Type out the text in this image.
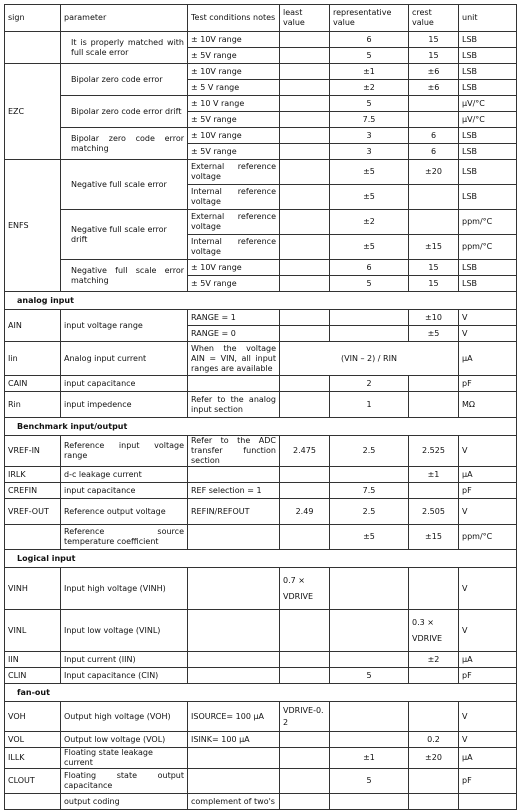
sign	parameter	Test conditions notes	least value	representative value	crest value	unit
	It is properly matched with full scale error	± 10V range		6	15	LSB
		± 5V range		5	15	LSB
EZC	Bipolar zero code error	± 10V range		±1	±6	LSB
		± 5 V range		±2	±6	LSB
	Bipolar zero code error drift	± 10 V range		5		μV/°C
		± 5V range		7.5		μV/°C
	Bipolar zero code error matching	± 10V range		3	6	LSB
		± 5V range		3	6	LSB
ENFS	Negative full scale error	External reference voltage		±5	±20	LSB
		Internal reference voltage		±5		LSB
	Negative full scale error drift	External reference voltage		±2		ppm/°C
		Internal reference voltage		±5	±15	ppm/°C
	Negative full scale error matching	± 10V range		6	15	LSB
		± 5V range		5	15	LSB
analog input						
AIN	input voltage range	RANGE = 1			±10	V
		RANGE = 0			±5	V
Iin	Analog input current	When the voltage AIN = VIN, all input ranges are available	(VIN – 2) / RIN			μA
CAIN	input capacitance			2		pF
Rin	input impedence	Refer to the analog input section		1		MΩ
Benchmark input/output						
VREF-IN	Reference input voltage range	Refer to the ADC transfer function section	2.475	2.5	2.525	V
IRLK	d-c leakage current				±1	μA
CREFIN	input capacitance	REF selection = 1		7.5		pF
VREF-OUT	Reference output voltage	REFIN/REFOUT	2.49	2.5	2.505	V
	Reference source temperature coefficient			±5	±15	ppm/°C
Logical input						
VINH	Input high voltage (VINH)		0.7 × VDRIVE			V
VINL	Input low voltage (VINL)				0.3 × VDRIVE	V
IIN	Input current (IIN)				±2	μA
CLIN	Input capacitance (CIN)			5		pF
fan-out						
VOH	Output high voltage (VOH)	ISOURCE= 100 μA	VDRIVE-0.2			V
VOL	Output low voltage (VOL)	ISINK= 100 μA			0.2	V
ILLK	Floating state leakage current			±1	±20	μA
CLOUT	Floating state output capacitance			5		pF
	output coding	complement of two's				
